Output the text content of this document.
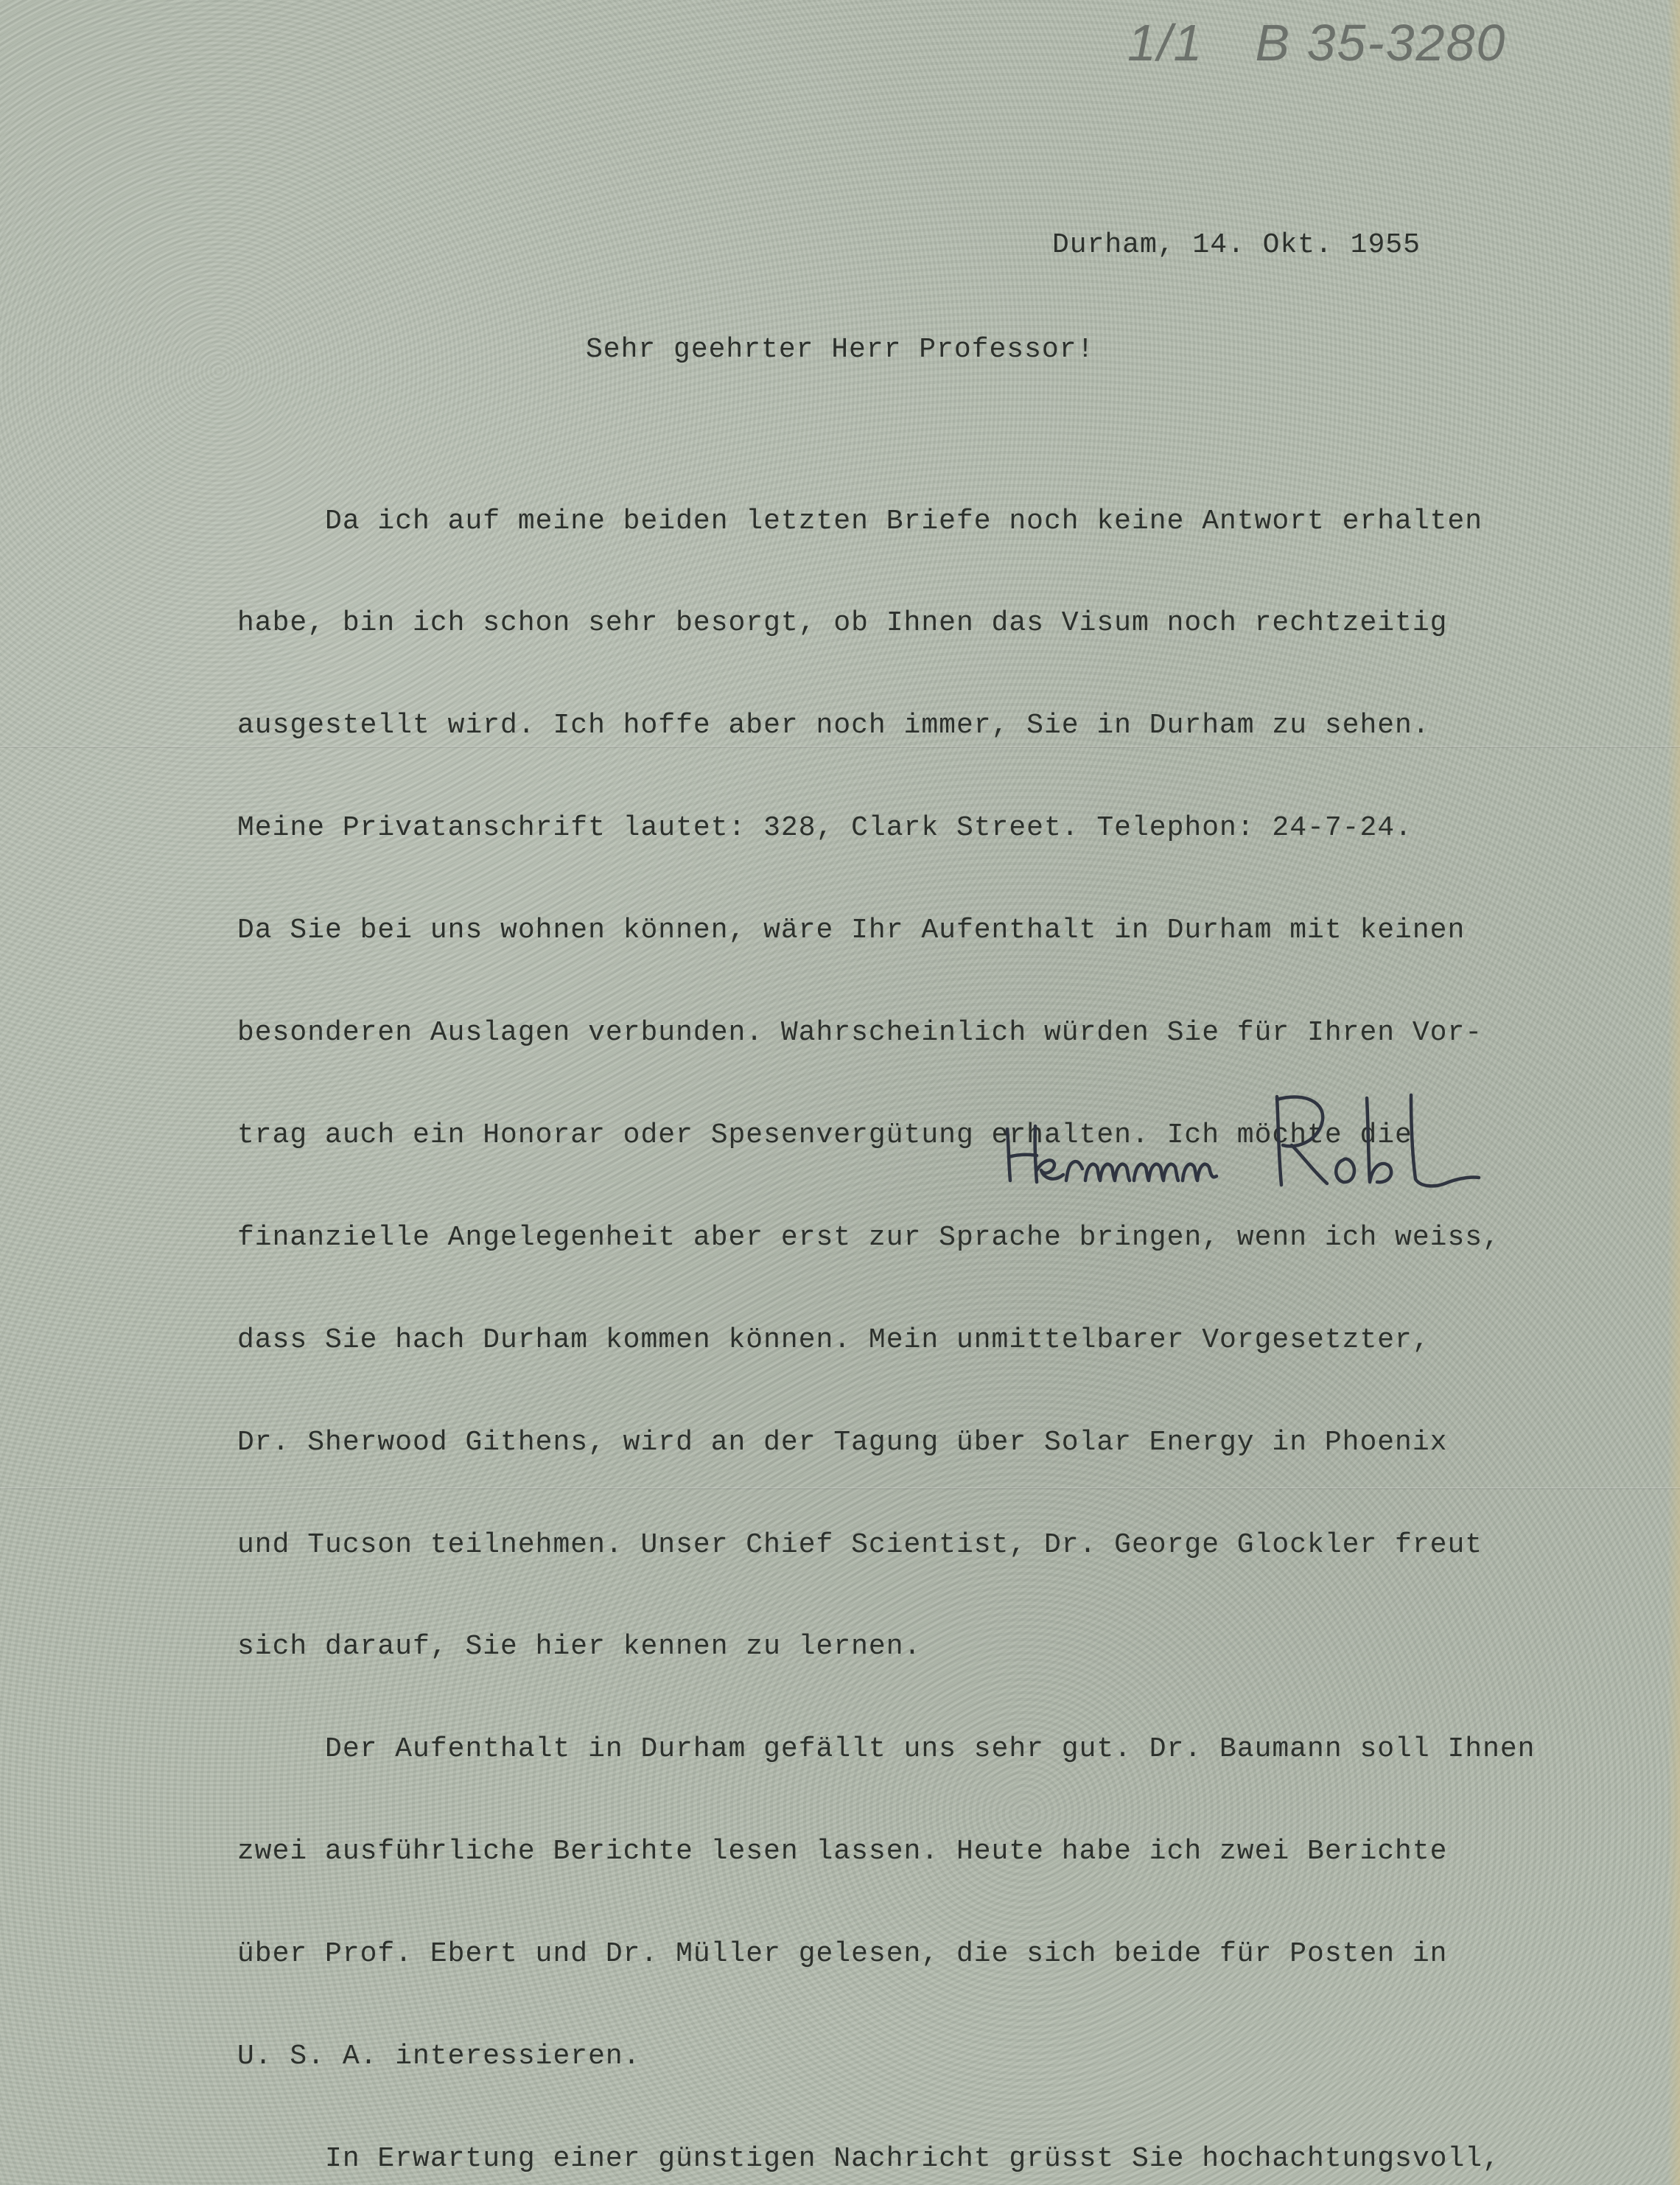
1/1 B 35-3280
Durham, 14. Okt. 1955
Sehr geehrter Herr Professor!

Da ich auf meine beiden letzten Briefe noch keine Antwort erhalten

habe, bin ich schon sehr besorgt, ob Ihnen das Visum noch rechtzeitig

ausgestellt wird. Ich hoffe aber noch immer, Sie in Durham zu sehen.

Meine Privatanschrift lautet: 328, Clark Street. Telephon: 24-7-24.

Da Sie bei uns wohnen können, wäre Ihr Aufenthalt in Durham mit keinen

besonderen Auslagen verbunden. Wahrscheinlich würden Sie für Ihren Vor-

trag auch ein Honorar oder Spesenvergütung erhalten. Ich möchte die

finanzielle Angelegenheit aber erst zur Sprache bringen, wenn ich weiss,

dass Sie hach Durham kommen können. Mein unmittelbarer Vorgesetzter,

Dr. Sherwood Githens, wird an der Tagung über Solar Energy in Phoenix

und Tucson teilnehmen. Unser Chief Scientist, Dr. George Glockler freut

sich darauf, Sie hier kennen zu lernen.

Der Aufenthalt in Durham gefällt uns sehr gut. Dr. Baumann soll Ihnen

zwei ausführliche Berichte lesen lassen. Heute habe ich zwei Berichte

über Prof. Ebert und Dr. Müller gelesen, die sich beide für Posten in

U. S. A. interessieren.

In Erwartung einer günstigen Nachricht grüsst Sie hochachtungsvoll,
